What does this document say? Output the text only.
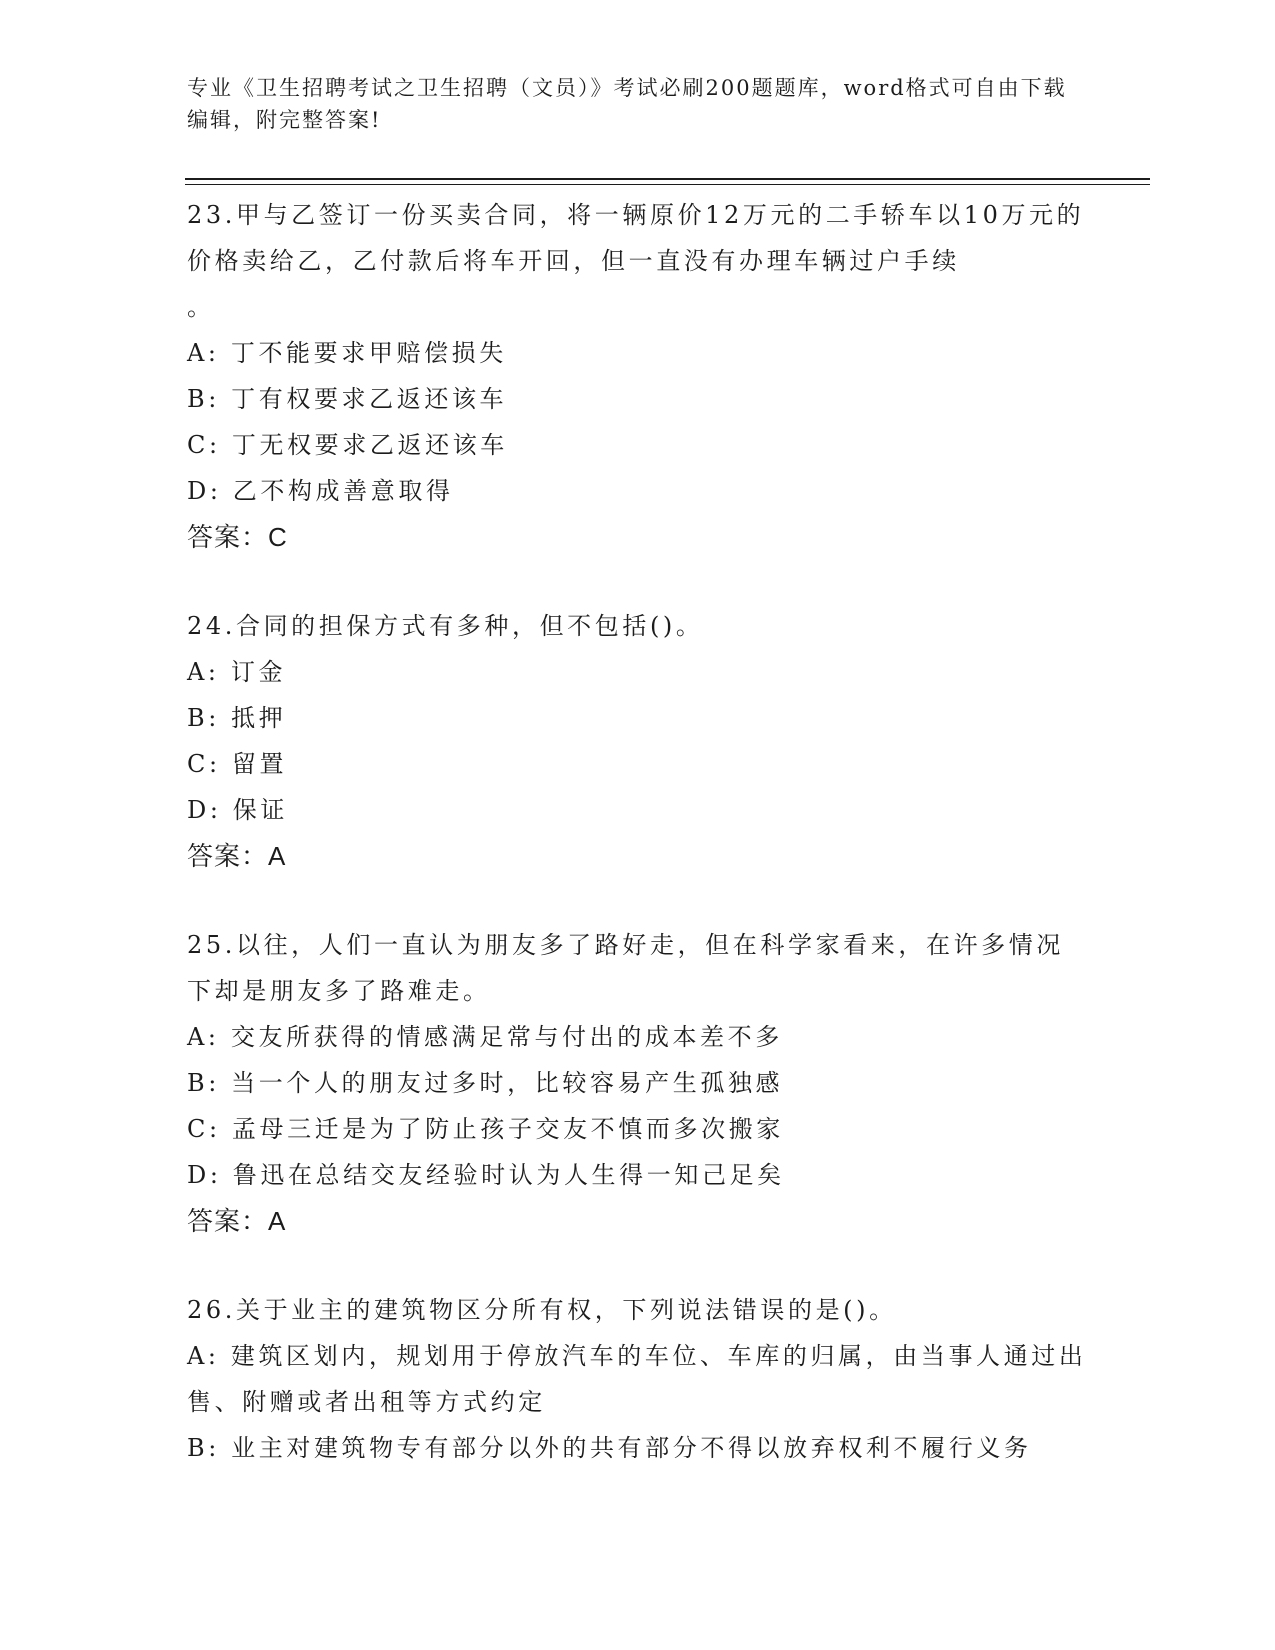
专业《卫生招聘考试之卫生招聘（文员）》考试必刷200题题库，word格式可自由下载编辑，附完整答案!
23.甲与乙签订一份买卖合同，将一辆原价12万元的二手轿车以10万元的价格卖给乙，乙付款后将车开回，但一直没有办理车辆过户手续
。
A: 丁不能要求甲赔偿损失
B: 丁有权要求乙返还该车
C: 丁无权要求乙返还该车
D: 乙不构成善意取得
答案：C
24.合同的担保方式有多种，但不包括()。
A: 订金
B: 抵押
C: 留置
D: 保证
答案：A
25.以往，人们一直认为朋友多了路好走，但在科学家看来，在许多情况下却是朋友多了路难走。
A: 交友所获得的情感满足常与付出的成本差不多
B: 当一个人的朋友过多时，比较容易产生孤独感
C: 孟母三迁是为了防止孩子交友不慎而多次搬家
D: 鲁迅在总结交友经验时认为人生得一知己足矣
答案：A
26.关于业主的建筑物区分所有权，下列说法错误的是()。
A: 建筑区划内，规划用于停放汽车的车位、车库的归属，由当事人通过出售、附赠或者出租等方式约定
B: 业主对建筑物专有部分以外的共有部分不得以放弃权利不履行义务
